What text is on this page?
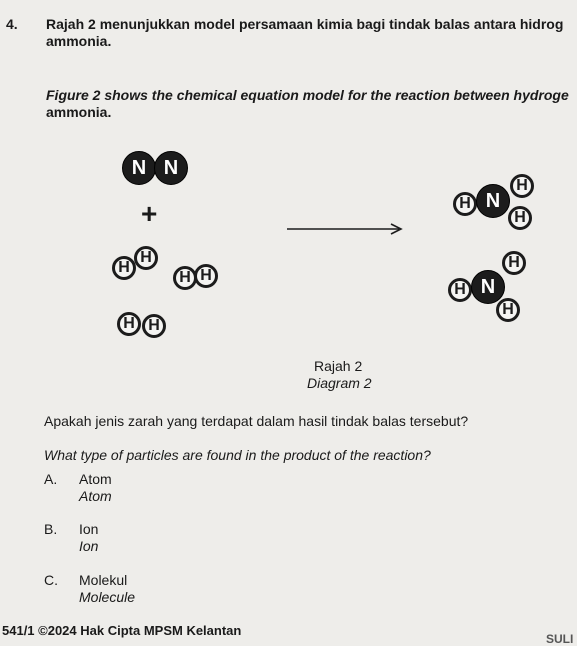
4. Rajah 2 menunjukkan model persamaan kimia bagi tindak balas antara hidrog
ammonia.
Figure 2 shows the chemical equation model for the reaction between hydroge
ammonia.
N N
+
H
H
H H
H H
H
H N
H
H
H N
H
Rajah 2
Diagram 2
Apakah jenis zarah yang terdapat dalam hasil tindak balas tersebut?
What type of particles are found in the product of the reaction?
A. Atom
Atom
B. Ion
Ion
C. Molekul
Molecule
541/1 ©2024 Hak Cipta MPSM Kelantan
SULI
